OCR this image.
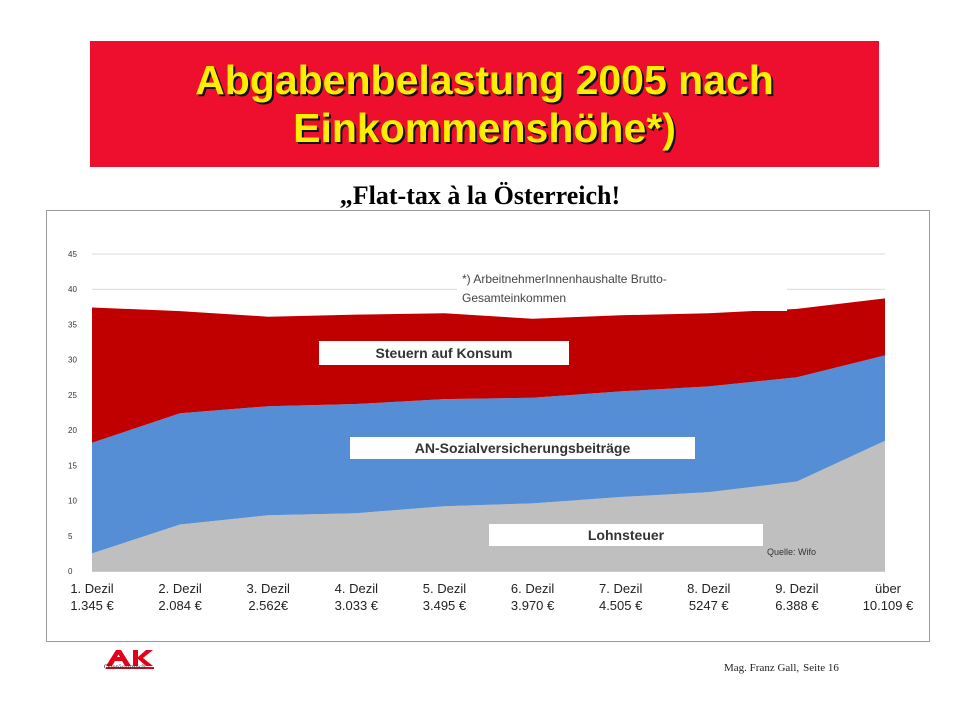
Abgabenbelastung 2005 nach
Einkommenshöhe*)
„Flat-tax à la Österreich!
0
5
10
15
20
25
30
35
40
45
Lohnsteuer
AN-Sozialversicherungsbeiträge
Steuern auf Konsum
*) ArbeitnehmerInnenhaushalte Brutto-
Gesamteinkommen
Quelle: Wifo
1. Dezil
1.345 €
2. Dezil
2.084 €
3. Dezil
2.562€
4. Dezil
3.033 €
5. Dezil
3.495 €
6. Dezil
3.970 €
7. Dezil
4.505 €
8. Dezil
5247 €
9. Dezil
6.388 €
über
10.109 €
Oberösterreich	Mag. Franz Gall, Seite 16
